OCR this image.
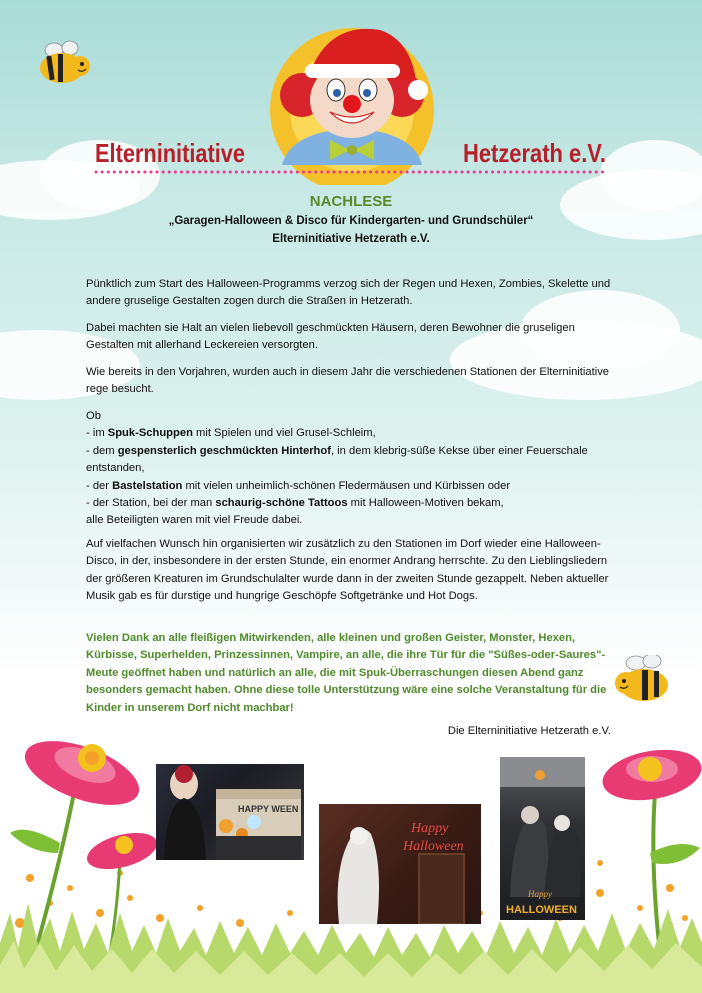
Elterninitiative	Hetzerath e.V.
NACHLESE
„Garagen-Halloween & Disco für Kindergarten- und Grundschüler“
Elterninitiative Hetzerath e.V.

Pünktlich zum Start des Halloween-Programms verzog sich der Regen und Hexen, Zombies, Skelette und andere gruselige Gestalten zogen durch die Straßen in Hetzerath.

Dabei machten sie Halt an vielen liebevoll geschmückten Häusern, deren Bewohner die gruseligen Gestalten mit allerhand Leckereien versorgten.

Wie bereits in den Vorjahren, wurden auch in diesem Jahr die verschiedenen Stationen der Elterninitiative rege besucht.

Ob

- im Spuk-Schuppen mit Spielen und viel Grusel-Schleim,

- dem gespensterlich geschmückten Hinterhof, in dem klebrig-süße Kekse über einer Feuerschale entstanden,

- der Bastelstation mit vielen unheimlich-schönen Fledermäusen und Kürbissen oder

- der Station, bei der man schaurig-schöne Tattoos mit Halloween-Motiven bekam,

alle Beteiligten waren mit viel Freude dabei.

Auf vielfachen Wunsch hin organisierten wir zusätzlich zu den Stationen im Dorf wieder eine Halloween-Disco, in der, insbesondere in der ersten Stunde, ein enormer Andrang herrschte. Zu den Lieblingsliedern der größeren Kreaturen im Grundschulalter wurde dann in der zweiten Stunde gezappelt. Neben aktueller Musik gab es für durstige und hungrige Geschöpfe Softgetränke und Hot Dogs.

Vielen Dank an alle fleißigen Mitwirkenden, alle kleinen und großen Geister, Monster, Hexen, Kürbisse, Superhelden, Prinzessinnen, Vampire, an alle, die ihre Tür für die "Süßes-oder-Saures"-Meute geöffnet haben und natürlich an alle, die mit Spuk-Überraschungen diesen Abend ganz besonders gemacht haben. Ohne diese tolle Unterstützung wäre eine solche Veranstaltung für die Kinder in unserem Dorf nicht machbar!

Die Elterninitiative Hetzerath e.V.
HAPPY WEEN
Happy
Halloween
Happy
HALLOWEEN
